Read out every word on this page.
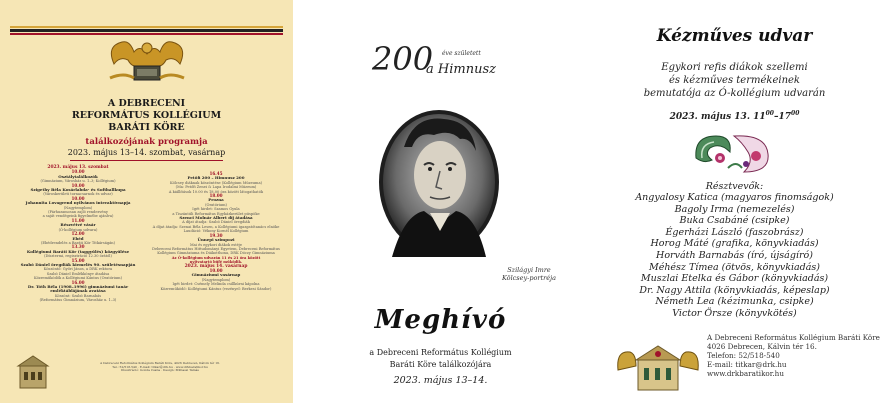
A DEBRECENI
REFORMÁTUS KOLLÉGIUM
BARÁTI KÖRE
találkozójának programja
2023. május 13–14. szombat, vasárnap
2023. május 13. szombat
10.00
Osztálytalálkozók
(Gimnázium, Városház u. 1–3; Kollégium)
10.00
Szigethy Béla Kosárlabda- és Softballkupa
(Városkerületi tornacsarnok és udvar)
10.00
Johannita Lovagrend nyilvános interaktívnapja
(Nagytemplom)
(Párhuzamosan zajló rendezvény
a saját vendégeink figyelmébe ajánlva)
11.00
Részvétvé vásár
(Ó-kollégium udvara)
12.00
Ebéd
(Ebédrendelés a Baráti Kör Titkárságán)
13.30
Kollégiumi Baráti Kör (taggyűlés) közgyűlése
(Dísztermi, regisztráció 12.30 órától)
15.00
Szabó Dániel öregdiák kiemelés 90. születésnapján
Köszöntő: Győri János, a DRK rektora
Szabó Dániel Emlékkönyv átadása
Közreműködők a Kollégiumi Kántus (Oratórium)
16.00
Dr. Tóth Béla (1908–1996) gimnáziumi tanár
emléktáblájának avatása
Köszönt: Szabó Barnabás
(Református Gimnázium, Városház u. 1–3)
16.45
Petőfi 200 – Himnusz 200
Kölcsey diáknak köszöntése (Kollégium Múzeuma)
(Ma: Petőfi Zenei & Lapa Irodalmi Múzeum)
A kiállítások 10.00 és 18.00 óra között látogathatók
18.00
Prozna
(Oratórium)
Igét hirdet: Szamos Gyula
a Tiszántúli Református Egyházkerület püspöke
Szenci Molnár Albert díj átadása
A díjat átadja: Szabó Dániel öregdiák
A díjat átadja: Szenai Béla Lesen, a Kollégiumi igazgatótanács elnöke
Laudáció: Vékony Kornél Kollégium
19.30
Ünnepi szimpozi
Mai és egykori diákok estéje
Debreceni Református Hittudományi Egyetem, Debreceni Református
Kollégium Gimnáziuma és Diákotthona, DRK Dóczy Gimnáziuma
Az Ó-kollégium udvarán 11 és 21 óra között
nyitvatartó büfé működik.
2023. május 14. vasárnap
10.00
Gimnáziumi vasárnap
(Nagytemplom)
Igét hirdet: Csémely Melinda csillkúrni kápolna
Közreműködő: Kollégiumi Kántus (vezényel: Berkesi Sándor)
A Debreceni Református Kollégium Baráti Köre, 4026 Debrecen, Kálvin tér 16.
Tel.: 52/518-540 · E-mail: titkar@drk.hu · www.drkbaratikor.hu
Illusztráció: Gonda Csaba · Design: Milbassi Tamás
200 éve született
a Himnusz
Szilágyi Imre
Kölcsey-portréja
Meghívó
a Debreceni Református Kollégium
Baráti Köre találkozójára
2023. május 13–14.
Kézműves udvar
Egykori refis diákok szellemi
és kézműves termékeinek
bemutatója az Ó-kollégium udvarán
2023. május 13. $11^{00}-17^{00}$
Résztvevők:
Angyalosy Katica (magyaros finomságok)
Bagoly Irma (nemezelés)
Buka Csabáné (csipke)
Égerházi László (faszobrász)
Horog Máté (grafika, könyvkiadás)
Horváth Barnabás (író, újságíró)
Méhész Tímea (ötvös, könyvkiadás)
Muszlai Etelka és Gábor (könyvkiadás)
Dr. Nagy Attila (könyvkiadás, képeslap)
Németh Lea (kézimunka, csipke)
Victor Örsze (könyvkötés)
A Debreceni Református Kollégium Baráti Köre
4026 Debrecen, Kálvin tér 16.
Telefon: 52/518-540
E-mail: titkar@drk.hu
www.drkbaratikor.hu
